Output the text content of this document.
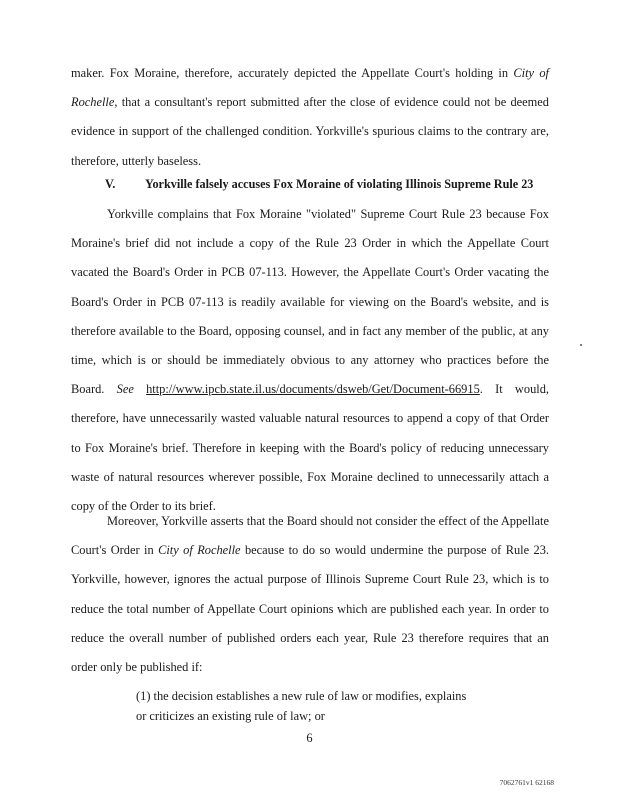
maker. Fox Moraine, therefore, accurately depicted the Appellate Court's holding in City of Rochelle, that a consultant's report submitted after the close of evidence could not be deemed evidence in support of the challenged condition. Yorkville's spurious claims to the contrary are, therefore, utterly baseless.

V. Yorkville falsely accuses Fox Moraine of violating Illinois Supreme Rule 23

Yorkville complains that Fox Moraine "violated" Supreme Court Rule 23 because Fox Moraine's brief did not include a copy of the Rule 23 Order in which the Appellate Court vacated the Board's Order in PCB 07-113. However, the Appellate Court's Order vacating the Board's Order in PCB 07-113 is readily available for viewing on the Board's website, and is therefore available to the Board, opposing counsel, and in fact any member of the public, at any time, which is or should be immediately obvious to any attorney who practices before the Board. See http://www.ipcb.state.il.us/documents/dsweb/Get/Document-66915. It would, therefore, have unnecessarily wasted valuable natural resources to append a copy of that Order to Fox Moraine's brief. Therefore in keeping with the Board's policy of reducing unnecessary waste of natural resources wherever possible, Fox Moraine declined to unnecessarily attach a copy of the Order to its brief.

Moreover, Yorkville asserts that the Board should not consider the effect of the Appellate Court's Order in City of Rochelle because to do so would undermine the purpose of Rule 23. Yorkville, however, ignores the actual purpose of Illinois Supreme Court Rule 23, which is to reduce the total number of Appellate Court opinions which are published each year. In order to reduce the overall number of published orders each year, Rule 23 therefore requires that an order only be published if:

(1) the decision establishes a new rule of law or modifies, explains
or criticizes an existing rule of law; or

6
7062761v1 62168
